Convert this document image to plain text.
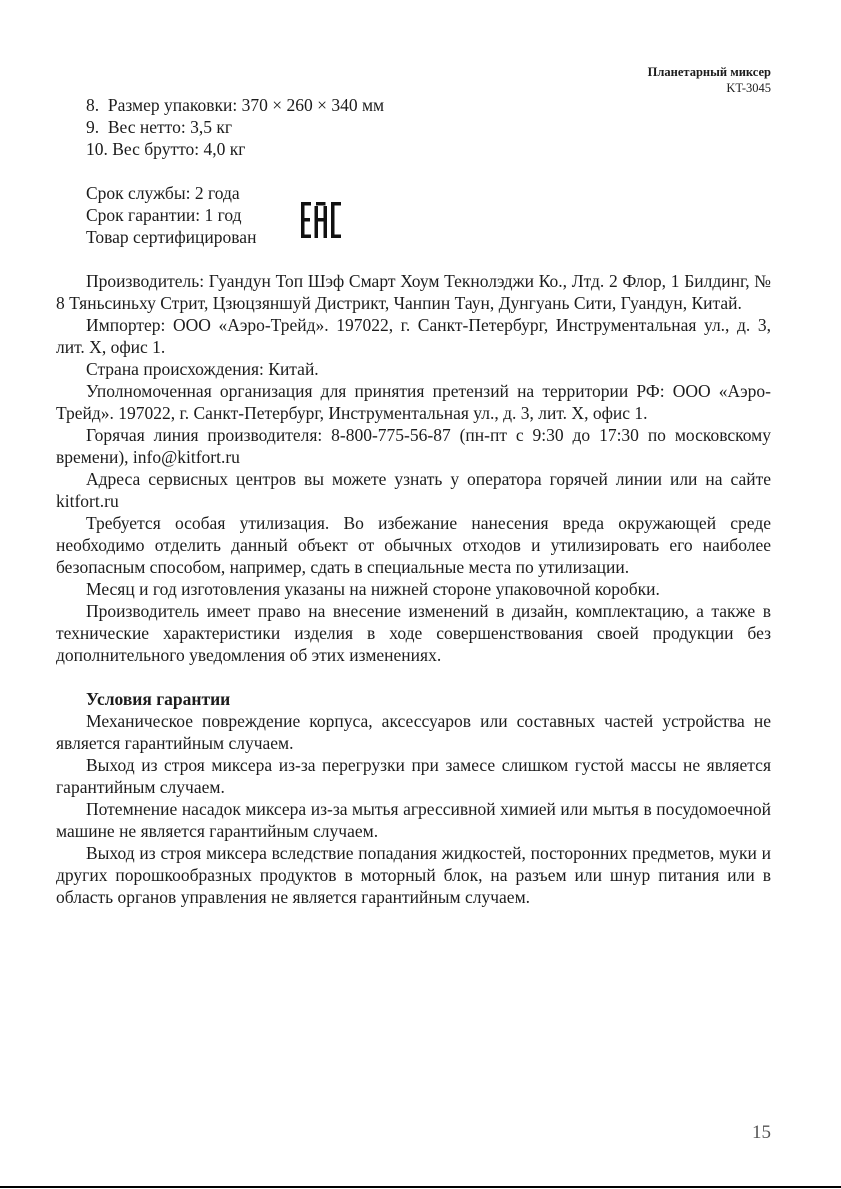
Планетарный миксер
KT-3045
8.  Размер упаковки: 370 × 260 × 340 мм
9.  Вес нетто: 3,5 кг
10. Вес брутто: 4,0 кг
Срок службы: 2 года
Срок гарантии: 1 год
Товар сертифицирован

Производитель: Гуандун Топ Шэф Смарт Хоум Текнолэджи Ко., Лтд. 2 Флор, 1 Билдинг, № 8 Тяньсиньху Стрит, Цзюцзяншуй Дистрикт, Чанпин Таун, Дунгуань Сити, Гуандун, Китай.

Импортер: ООО «Аэро-Трейд». 197022, г. Санкт-Петербург, Инструментальная ул., д. 3, лит. Х, офис 1.

Страна происхождения: Китай.

Уполномоченная организация для принятия претензий на территории РФ: ООО «Аэро-Трейд». 197022, г. Санкт-Петербург, Инструментальная ул., д. 3, лит. Х, офис 1.

Горячая линия производителя: 8-800-775-56-87 (пн-пт с 9:30 до 17:30 по московскому времени), info@kitfort.ru

Адреса сервисных центров вы можете узнать у оператора горячей линии или на сайте kitfort.ru

Требуется особая утилизация. Во избежание нанесения вреда окружающей среде необходимо отделить данный объект от обычных отходов и утилизировать его наиболее безопасным способом, например, сдать в специальные места по утилизации.

Месяц и год изготовления указаны на нижней стороне упаковочной коробки.

Производитель имеет право на внесение изменений в дизайн, комплектацию, а также в технические характеристики изделия в ходе совершенствования своей продукции без дополнительного уведомления об этих изменениях.

Условия гарантии

Механическое повреждение корпуса, аксессуаров или составных частей устройства не является гарантийным случаем.

Выход из строя миксера из-за перегрузки при замесе слишком густой массы не является гарантийным случаем.

Потемнение насадок миксера из-за мытья агрессивной химией или мытья в посудомоечной машине не является гарантийным случаем.

Выход из строя миксера вследствие попадания жидкостей, посторонних предметов, муки и других порошкообразных продуктов в моторный блок, на разъем или шнур питания или в область органов управления не является гарантийным случаем.

15
